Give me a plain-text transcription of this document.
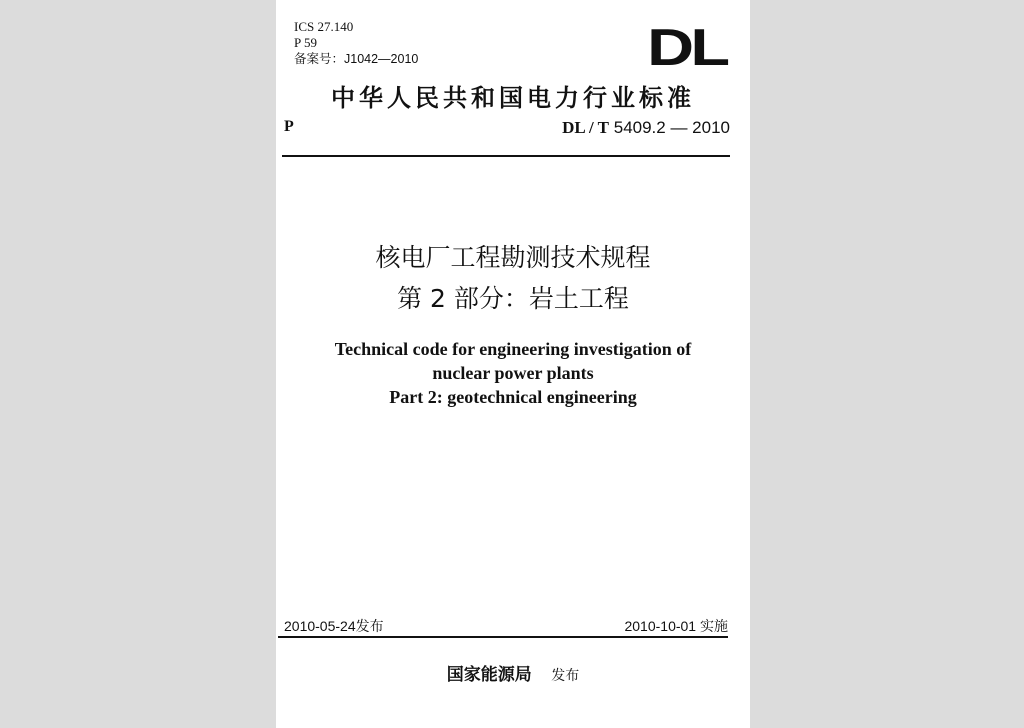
ICS 27.140
P 59
备案号：J1042—2010	DL
中华人民共和国电力行业标准
P	DL / T 5409.2 — 2010
核电厂工程勘测技术规程
第 2 部分：岩土工程
Technical code for engineering investigation of
nuclear power plants
Part 2: geotechnical engineering
2010-05-24发布	2010-10-01 实施
国家能源局 发布
